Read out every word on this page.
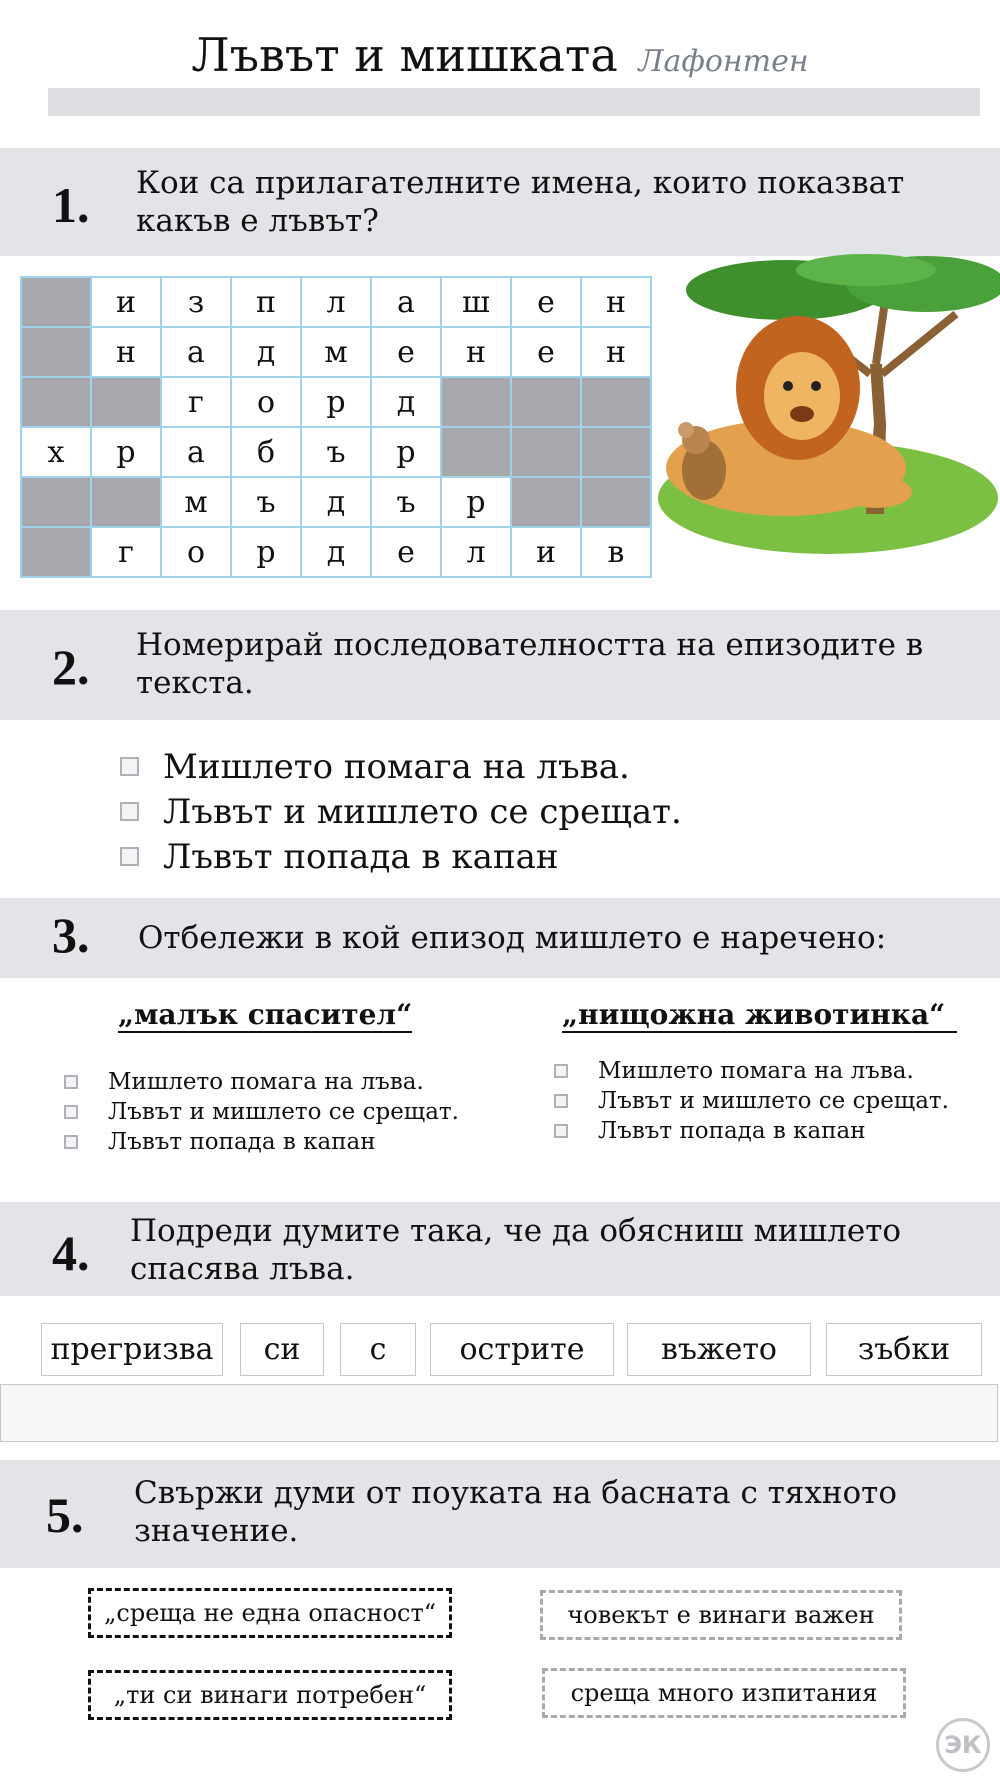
Лъвът и мишката Лафонтен
1. Кои са прилагателните имена, които показват
какъв е лъвът?
	и	з	п	л	а	ш	е	н
	н	а	д	м	е	н	е	н
		г	о	р	д			
х	р	а	б	ъ	р			
		м	ъ	д	ъ	р		
	г	о	р	д	е	л	и	в
2. Номерирай последователността на епизодите в
текста.
Мишлето помага на лъва.
Лъвът и мишлето се срещат.
Лъвът попада в капан
3. Отбележи в кой епизод мишлето е наречено:
„малък спасител“	„нищожна животинка“
Мишлето помага на лъва.
Лъвът и мишлето се срещат.
Лъвът попада в капан
Мишлето помага на лъва.
Лъвът и мишлето се срещат.
Лъвът попада в капан
4. Подреди думите така, че да обясниш мишлето
спасява лъва.
прегризва	си	с	острите	въжето	зъбки
5. Свържи думи от поуката на басната с тяхното
значение.
„среща не една опасност“
„ти си винаги потребен“
човекът е винаги важен
среща много изпитания
ЭК
